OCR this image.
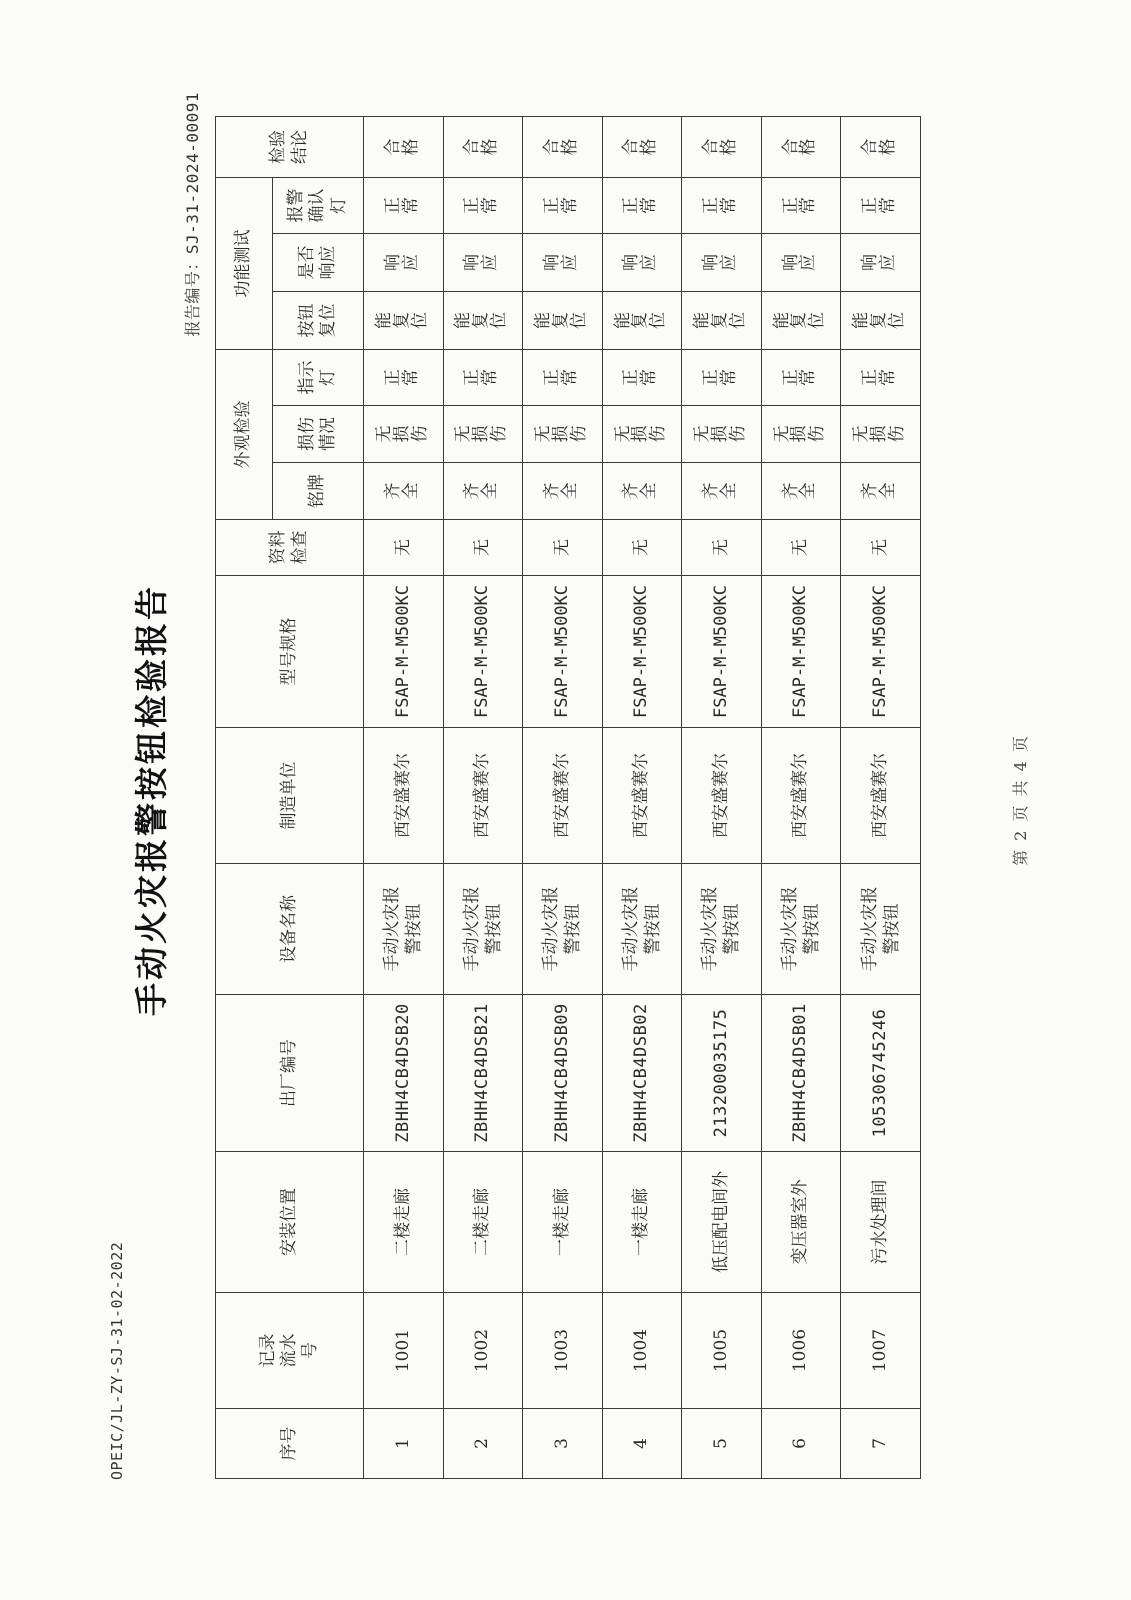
OPEIC/JL-ZY-SJ-31-02-2022
报告编号：SJ-31-2024-00091
手动火灾报警按钮检验报告
序号	记录流水号	安装位置	出厂编号	设备名称	制造单位	型号规格	资料检查	外观检验			功能测试			检验结论
								铭牌	损伤情况	指示灯	按钮复位	是否响应	报警确认灯	
1	1001	二楼走廊	ZBHH4CB4DSB20	手动火灾报警按钮	西安盛赛尔	FSAP-M-M500KC	无	齐全	无损伤	正常	能复位	响应	正常	合格
2	1002	二楼走廊	ZBHH4CB4DSB21	手动火灾报警按钮	西安盛赛尔	FSAP-M-M500KC	无	齐全	无损伤	正常	能复位	响应	正常	合格
3	1003	一楼走廊	ZBHH4CB4DSB09	手动火灾报警按钮	西安盛赛尔	FSAP-M-M500KC	无	齐全	无损伤	正常	能复位	响应	正常	合格
4	1004	一楼走廊	ZBHH4CB4DSB02	手动火灾报警按钮	西安盛赛尔	FSAP-M-M500KC	无	齐全	无损伤	正常	能复位	响应	正常	合格
5	1005	低压配电间外	213200035175	手动火灾报警按钮	西安盛赛尔	FSAP-M-M500KC	无	齐全	无损伤	正常	能复位	响应	正常	合格
6	1006	变压器室外	ZBHH4CB4DSB01	手动火灾报警按钮	西安盛赛尔	FSAP-M-M500KC	无	齐全	无损伤	正常	能复位	响应	正常	合格
7	1007	污水处理间	105306745246	手动火灾报警按钮	西安盛赛尔	FSAP-M-M500KC	无	齐全	无损伤	正常	能复位	响应	正常	合格
第 2 页 共 4 页
